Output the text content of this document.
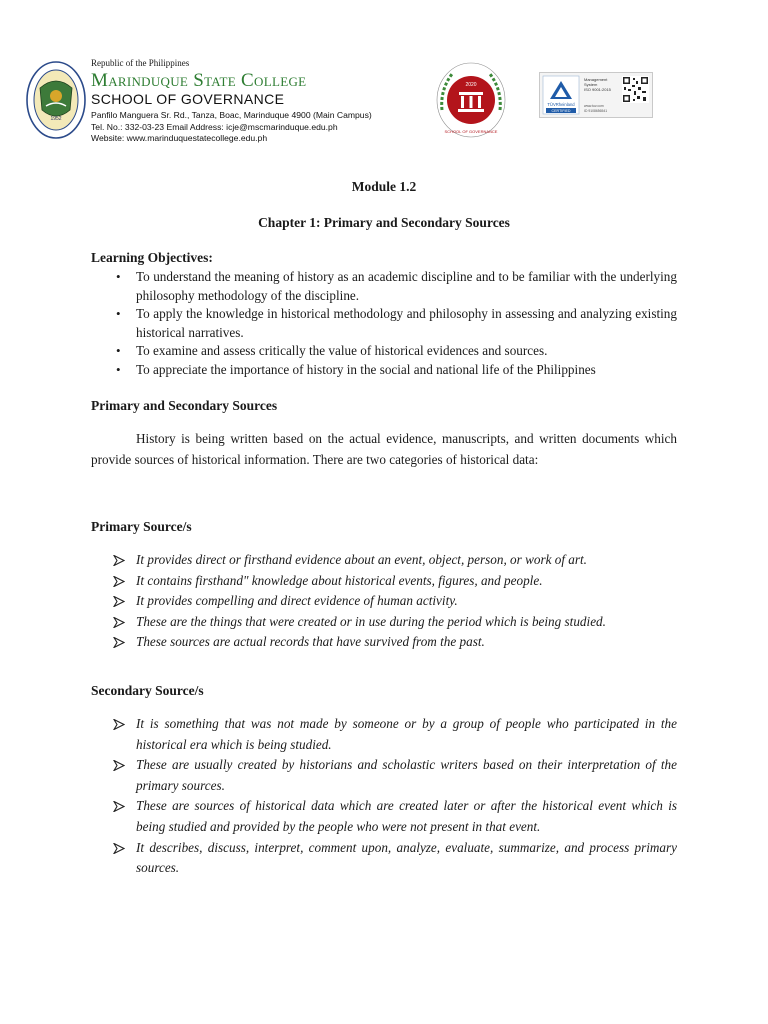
1952
Republic of the Philippines
Marinduque State College
SCHOOL OF GOVERNANCE
Panfilo Manguera Sr. Rd., Tanza, Boac, Marinduque 4900 (Main Campus)
Tel. No.: 332-03-23 Email Address: icje@mscmarinduque.edu.ph
Website: www.marinduquestatecollege.edu.ph
2020
SCHOOL OF GOVERNANCE
TÜVRheinland
CERTIFIED
Management
System
ISO 9001:2015
www.tuv.com
ID 9108656541
Module 1.2
Chapter 1: Primary and Secondary Sources
Learning Objectives:
• To understand the meaning of history as an academic discipline and to be familiar with the underlying philosophy methodology of the discipline.
• To apply the knowledge in historical methodology and philosophy in assessing and analyzing existing historical narratives.
• To examine and assess critically the value of historical evidences and sources.
• To appreciate the importance of history in the social and national life of the Philippines
Primary and Secondary Sources
History is being written based on the actual evidence, manuscripts, and written documents which provide sources of historical information. There are two categories of historical data:
Primary Source/s
It provides direct or firsthand evidence about an event, object, person, or work of art.
It contains firsthand" knowledge about historical events, figures, and people.
It provides compelling and direct evidence of human activity.
These are the things that were created or in use during the period which is being studied.
These sources are actual records that have survived from the past.
Secondary Source/s
It is something that was not made by someone or by a group of people who participated in the historical era which is being studied.
These are usually created by historians and scholastic writers based on their interpretation of the primary sources.
These are sources of historical data which are created later or after the historical event which is being studied and provided by the people who were not present in that event.
It describes, discuss, interpret, comment upon, analyze, evaluate, summarize, and process primary sources.
